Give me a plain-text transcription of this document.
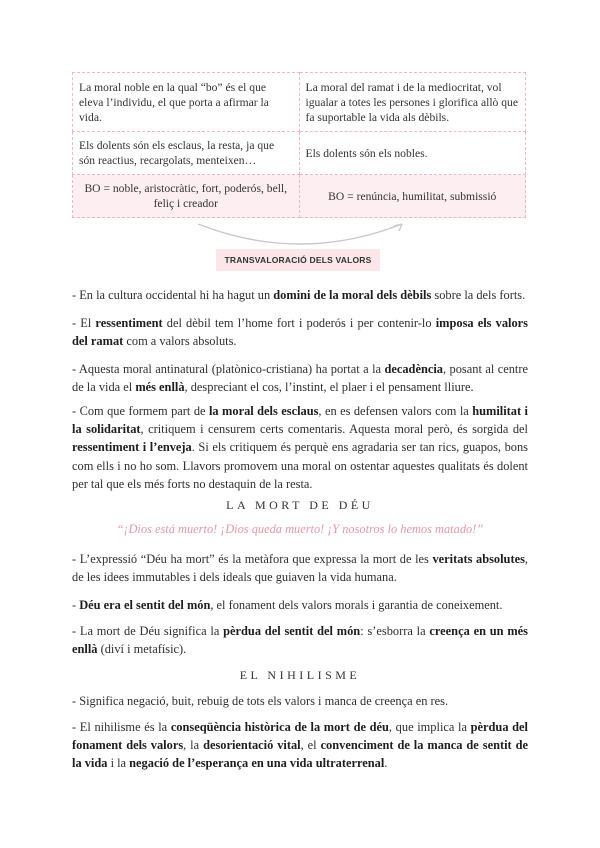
La moral noble en la qual “bo” és el que eleva l’individu, el que porta a afirmar la vida.	La moral del ramat i de la mediocritat, vol igualar a totes les persones i glorifica allò que fa suportable la vida als dèbils.
Els dolents són els esclaus, la resta, ja que són reactius, recargolats, menteixen…	Els dolents són els nobles.
BO = noble, aristocràtic, fort, poderós, bell, feliç i creador	BO = renúncia, humilitat, submissió
TRANSVALORACIÓ DELS VALORS

- En la cultura occidental hi ha hagut un domini de la moral dels dèbils sobre la dels forts.

- El ressentiment del dèbil tem l’home fort i poderós i per contenir-lo imposa els valors del ramat com a valors absoluts.

- Aquesta moral antinatural (platònico-cristiana) ha portat a la decadència, posant al centre de la vida el més enllà, despreciant el cos, l’instint, el plaer i el pensament lliure.

- Com que formem part de la moral dels esclaus, en es defensen valors com la humilitat i la solidaritat, critiquem i censurem certs comentaris. Aquesta moral però, és sorgida del ressentiment i l’enveja. Si els critiquem és perquè ens agradaria ser tan rics, guapos, bons com ells i no ho som. Llavors promovem una moral on ostentar aquestes qualitats és dolent per tal que els més forts no destaquin de la resta.

LA MORT DE DÉU
“¡Dios está muerto! ¡Dios queda muerto! ¡Y nosotros lo hemos matado!”

- L’expressió “Déu ha mort” és la metàfora que expressa la mort de les veritats absolutes, de les idees immutables i dels ideals que guiaven la vida humana.

- Déu era el sentit del món, el fonament dels valors morals i garantia de coneixement.

- La mort de Déu significa la pèrdua del sentit del món: s’esborra la creença en un més enllà (diví i metafísic).

EL NIHILISME

- Significa negació, buit, rebuig de tots els valors i manca de creença en res.

- El nihilisme és la conseqüència històrica de la mort de déu, que implica la pèrdua del fonament dels valors, la desorientació vital, el convenciment de la manca de sentit de la vida i la negació de l’esperança en una vida ultraterrenal.
